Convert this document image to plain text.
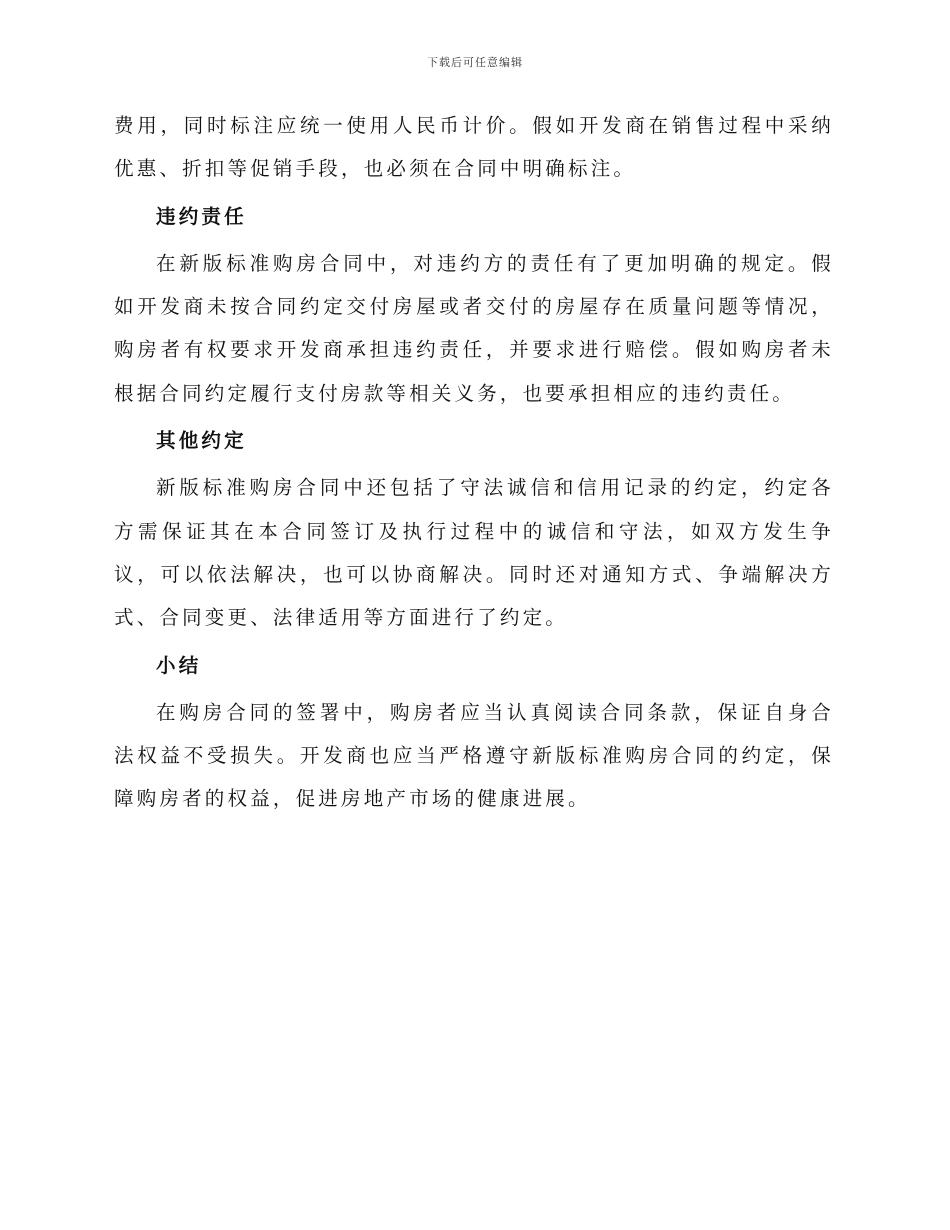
下载后可任意编辑

费用，同时标注应统一使用人民币计价。假如开发商在销售过程中采纳优惠、折扣等促销手段，也必须在合同中明确标注。

违约责任

在新版标准购房合同中，对违约方的责任有了更加明确的规定。假如开发商未按合同约定交付房屋或者交付的房屋存在质量问题等情况，购房者有权要求开发商承担违约责任，并要求进行赔偿。假如购房者未根据合同约定履行支付房款等相关义务，也要承担相应的违约责任。

其他约定

新版标准购房合同中还包括了守法诚信和信用记录的约定，约定各方需保证其在本合同签订及执行过程中的诚信和守法，如双方发生争议，可以依法解决，也可以协商解决。同时还对通知方式、争端解决方式、合同变更、法律适用等方面进行了约定。

小结

在购房合同的签署中，购房者应当认真阅读合同条款，保证自身合法权益不受损失。开发商也应当严格遵守新版标准购房合同的约定，保障购房者的权益，促进房地产市场的健康进展。
